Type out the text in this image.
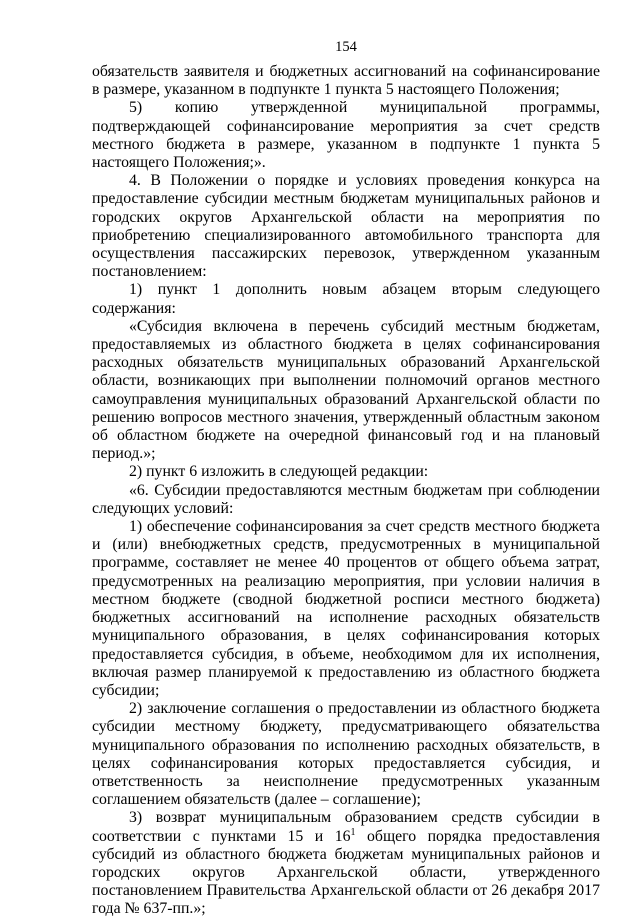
154

обязательств заявителя и бюджетных ассигнований на софинансирование в размере, указанном в подпункте 1 пункта 5 настоящего Положения;

5) копию утвержденной муниципальной программы, подтверждающей софинансирование мероприятия за счет средств местного бюджета в размере, указанном в подпункте 1 пункта 5 настоящего Положения;».

4. В Положении о порядке и условиях проведения конкурса на предоставление субсидии местным бюджетам муниципальных районов и городских округов Архангельской области на мероприятия по приобретению специализированного автомобильного транспорта для осуществления пассажирских перевозок, утвержденном указанным постановлением:

1) пункт 1 дополнить новым абзацем вторым следующего содержания:

«Субсидия включена в перечень субсидий местным бюджетам, предоставляемых из областного бюджета в целях софинансирования расходных обязательств муниципальных образований Архангельской области, возникающих при выполнении полномочий органов местного самоуправления муниципальных образований Архангельской области по решению вопросов местного значения, утвержденный областным законом об областном бюджете на очередной финансовый год и на плановый период.»;

2) пункт 6 изложить в следующей редакции:

«6. Субсидии предоставляются местным бюджетам при соблюдении следующих условий:

1) обеспечение софинансирования за счет средств местного бюджета и (или) внебюджетных средств, предусмотренных в муниципальной программе, составляет не менее 40 процентов от общего объема затрат, предусмотренных на реализацию мероприятия, при условии наличия в местном бюджете (сводной бюджетной росписи местного бюджета) бюджетных ассигнований на исполнение расходных обязательств муниципального образования, в целях софинансирования которых предоставляется субсидия, в объеме, необходимом для их исполнения, включая размер планируемой к предоставлению из областного бюджета субсидии;

2) заключение соглашения о предоставлении из областного бюджета субсидии местному бюджету, предусматривающего обязательства муниципального образования по исполнению расходных обязательств, в целях софинансирования которых предоставляется субсидия, и ответственность за неисполнение предусмотренных указанным соглашением обязательств (далее – соглашение);

3) возврат муниципальным образованием средств субсидии в соответствии с пунктами 15 и $16^1$ общего порядка предоставления субсидий из областного бюджета бюджетам муниципальных районов и городских округов Архангельской области, утвержденного постановлением Правительства Архангельской области от 26 декабря 2017 года № 637-пп.»;
